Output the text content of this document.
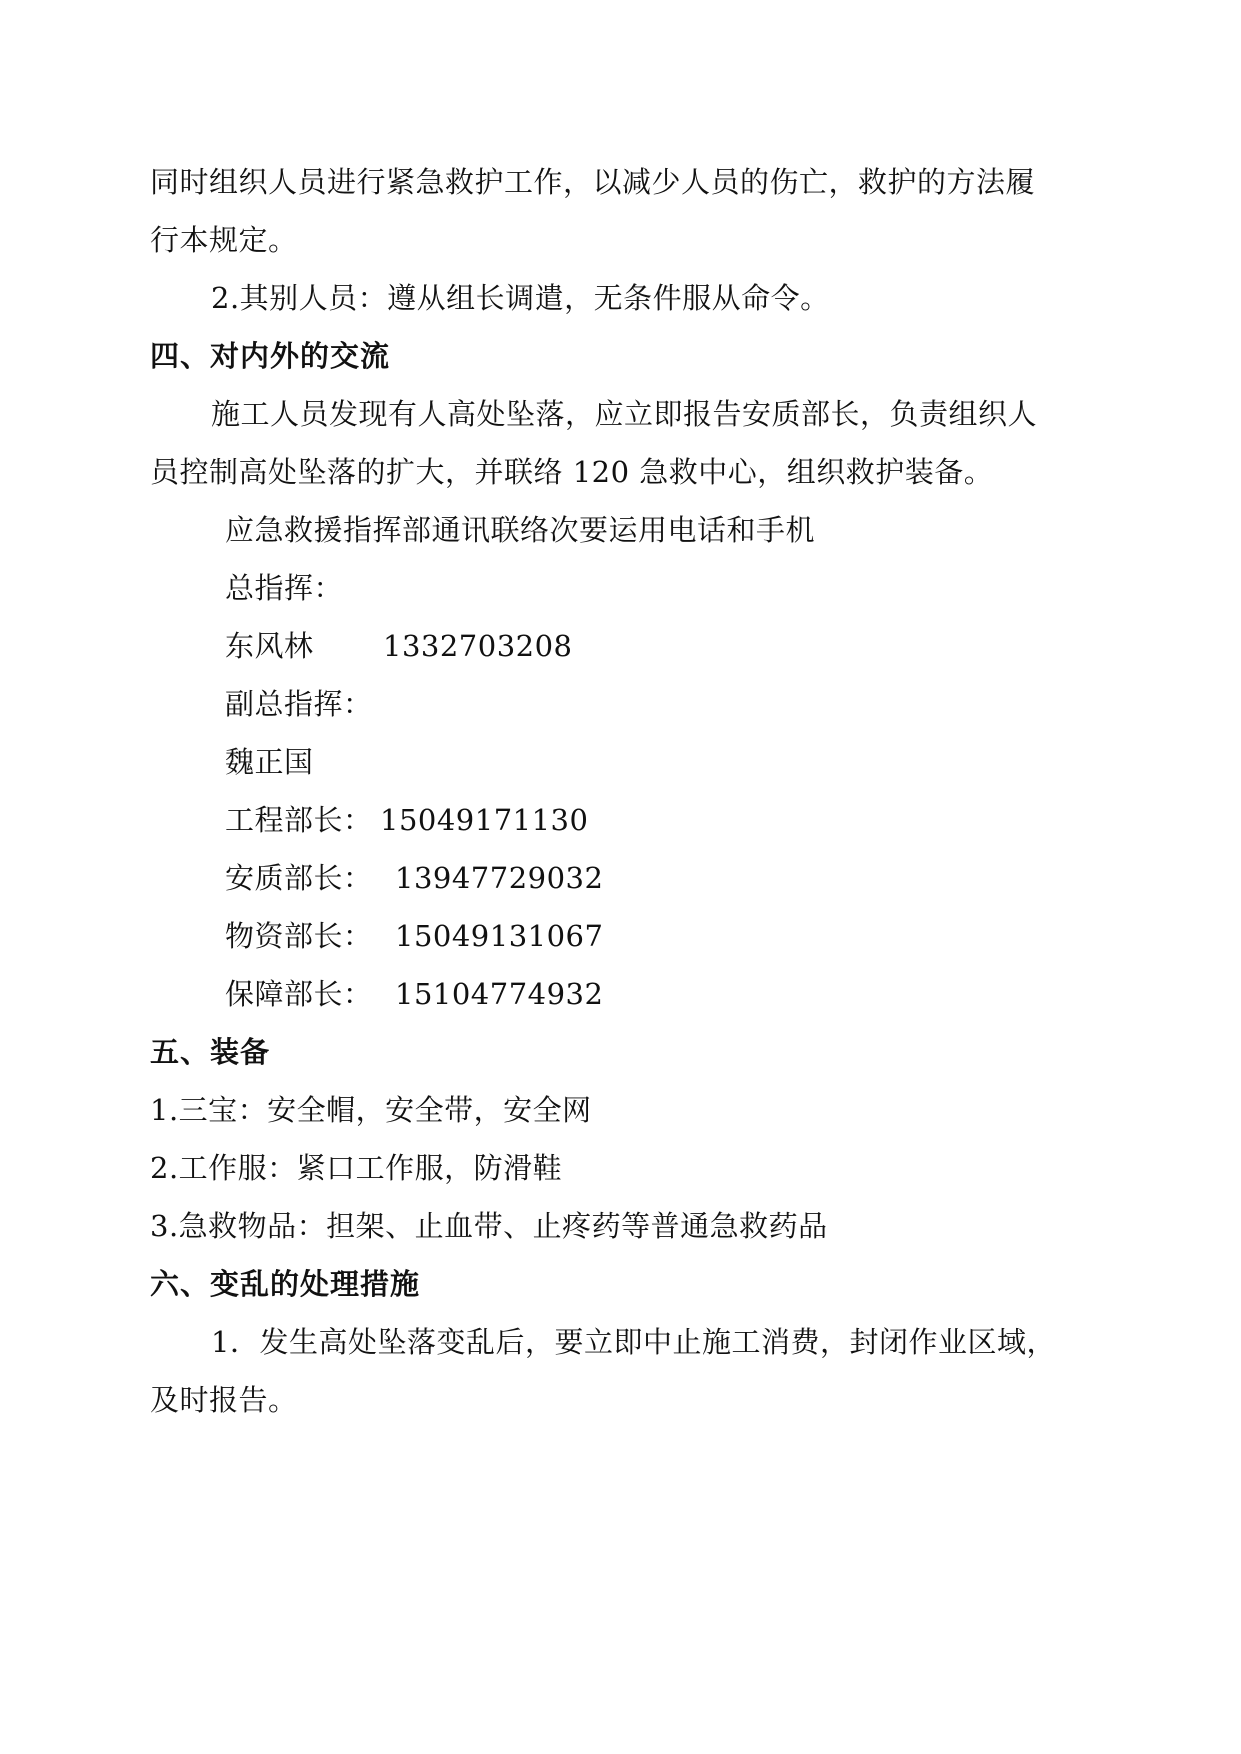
同时组织人员进行紧急救护工作，以减少人员的伤亡，救护的方法履
行本规定。
2.其别人员：遵从组长调遣，无条件服从命令。
四、对内外的交流
施工人员发现有人高处坠落，应立即报告安质部长，负责组织人
员控制高处坠落的扩大，并联络 120 急救中心，组织救护装备。
应急救援指挥部通讯联络次要运用电话和手机
总指挥：
东风林 1332703208
副总指挥：
魏正国
工程部长： 15049171130
安质部长： 13947729032
物资部长： 15049131067
保障部长： 15104774932
五、装备
1.三宝：安全帽，安全带，安全网
2.工作服：紧口工作服，防滑鞋
3.急救物品：担架、止血带、止疼药等普通急救药品
六、变乱的处理措施
1．发生高处坠落变乱后，要立即中止施工消费，封闭作业区域，
及时报告。
